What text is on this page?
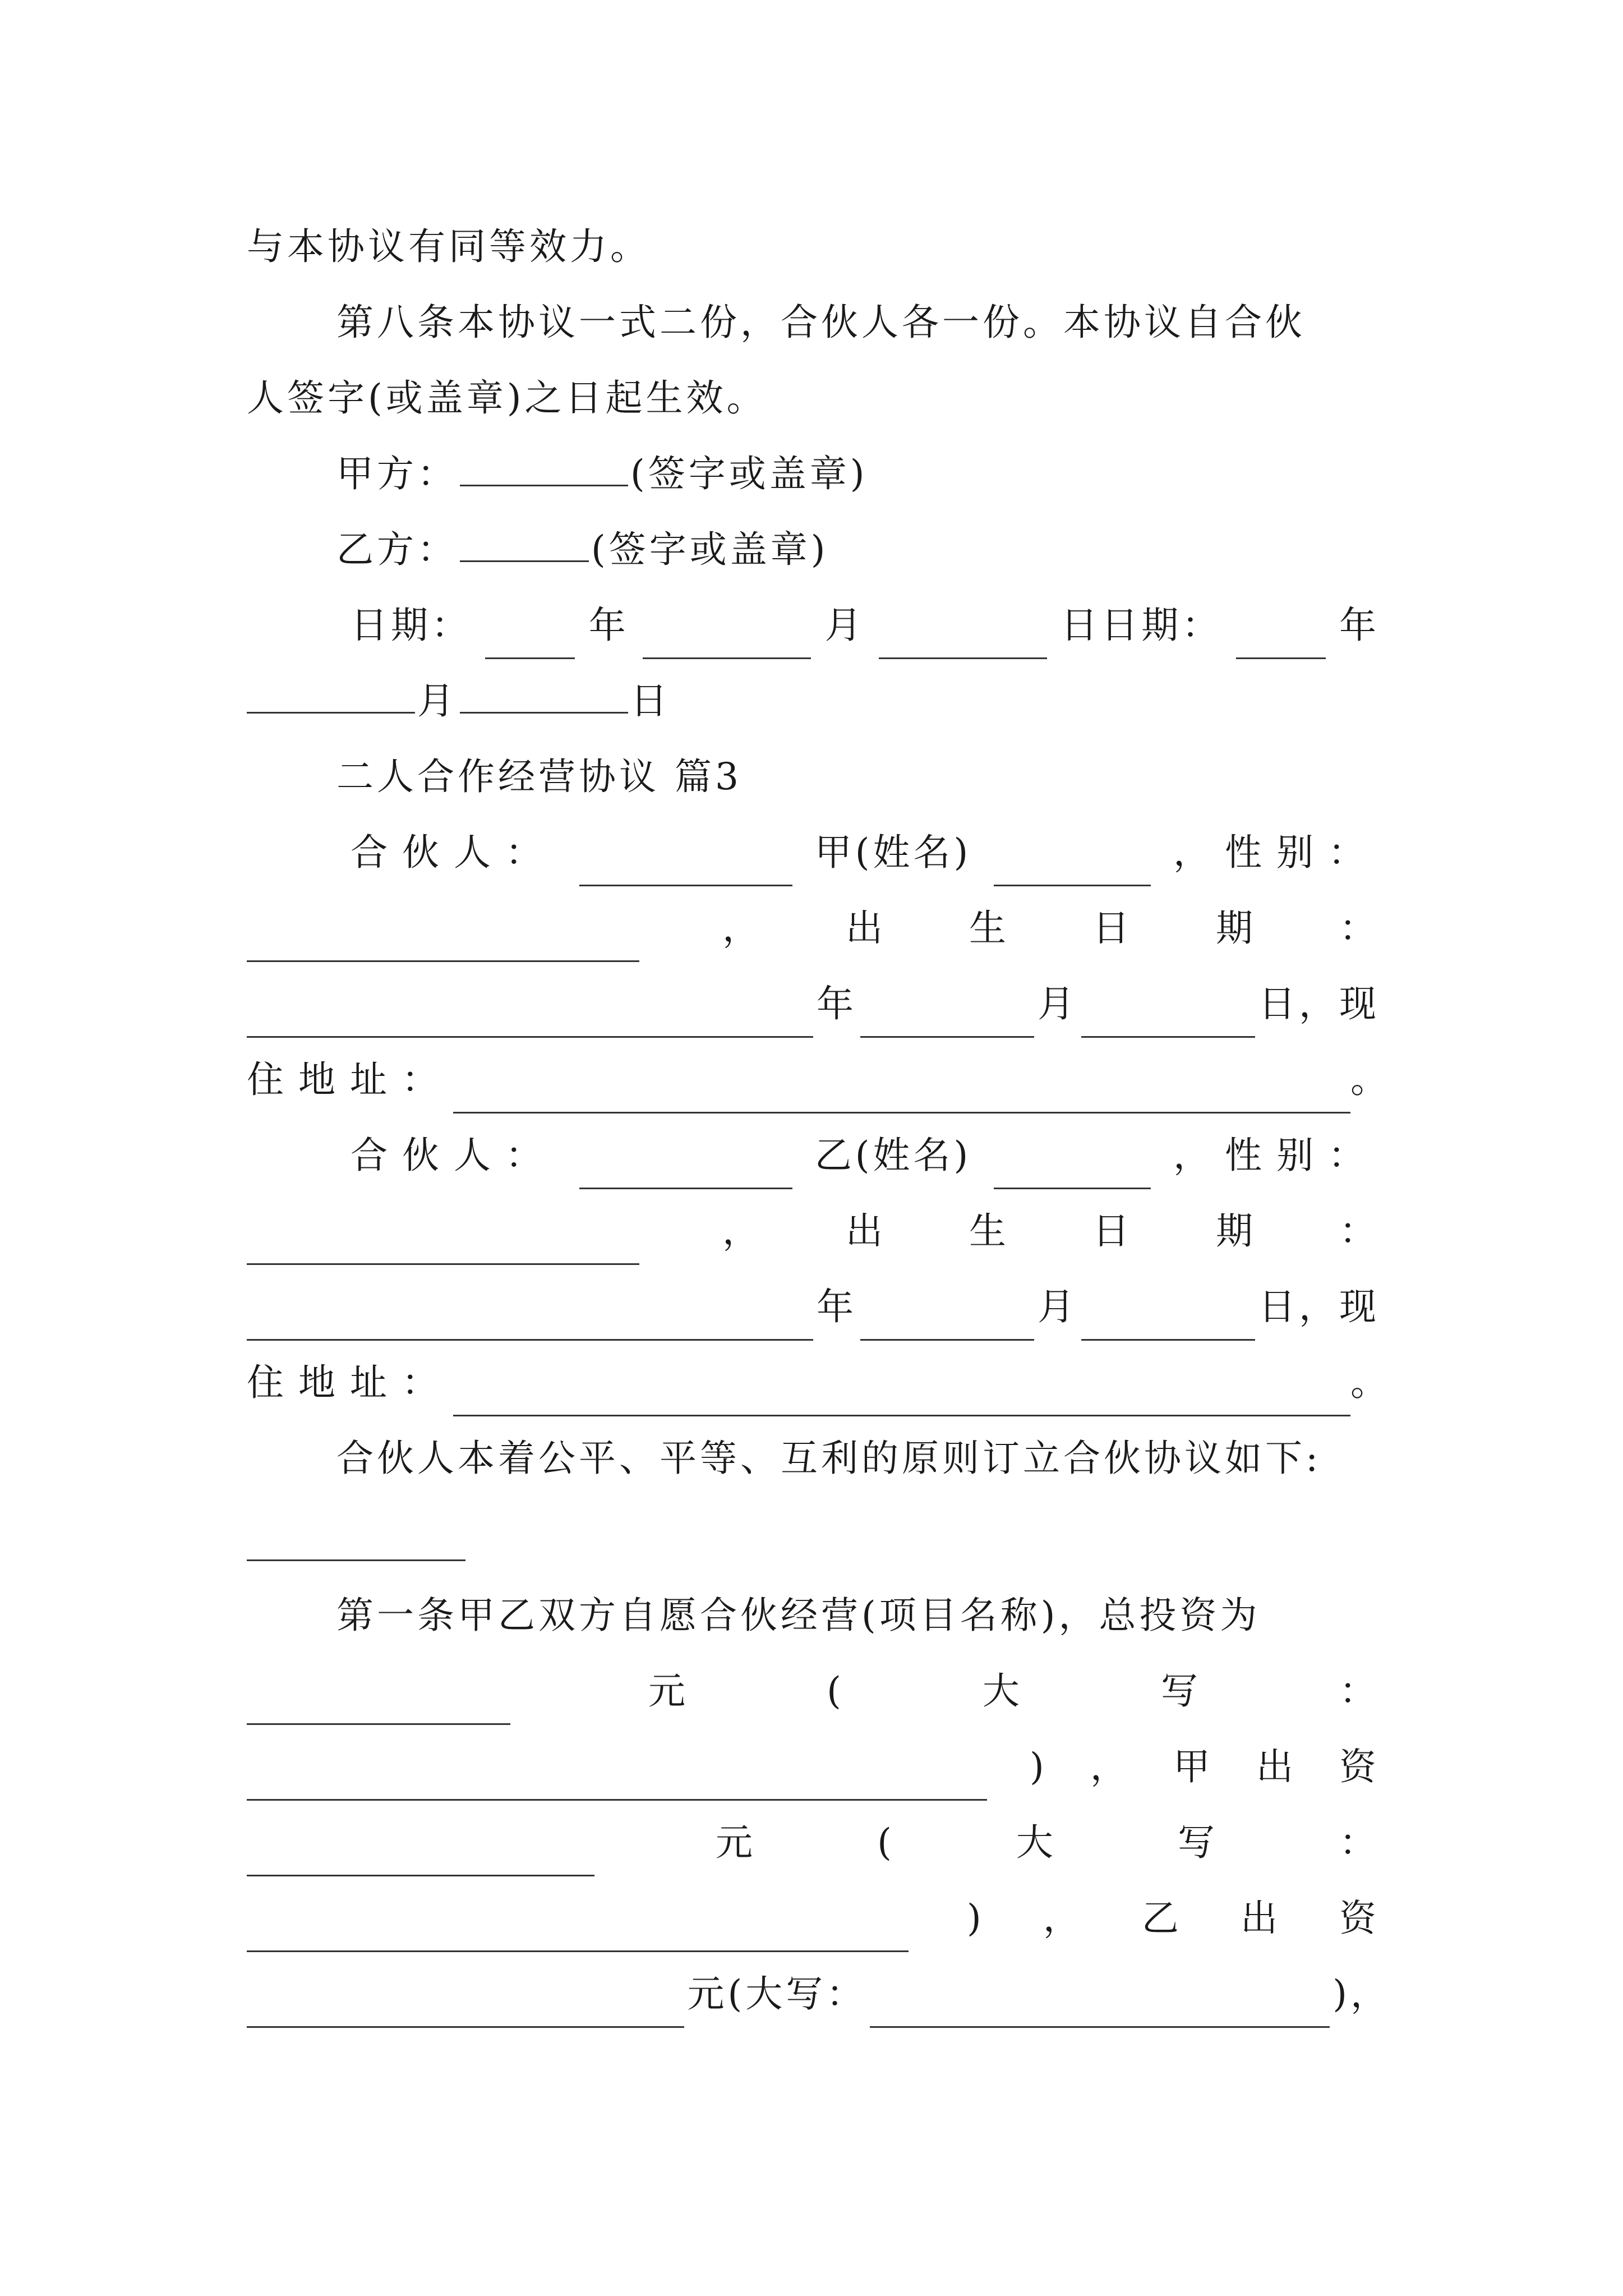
与本协议有同等效力。
第八条本协议一式二份，合伙人各一份。本协议自合伙
人签字(或盖章)之日起生效。
甲方：	(签字或盖章)
乙方：	(签字或盖章)
日期：	年	月	日日期：	年
月	日
二人合作经营协议 篇3
合伙人：	甲(姓名)	，性别：
， 出 生 日 期 ：
年	月	日，现
住地址：	。
合伙人：	乙(姓名)	，性别：
， 出 生 日 期 ：
年	月	日，现
住地址：	。
合伙人本着公平、平等、互利的原则订立合伙协议如下:
第一条甲乙双方自愿合伙经营(项目名称)，总投资为
元	(	大	写	：
) ， 甲 出 资
元	(	大	写	：
) ， 乙 出 资
元(大写：	)，
